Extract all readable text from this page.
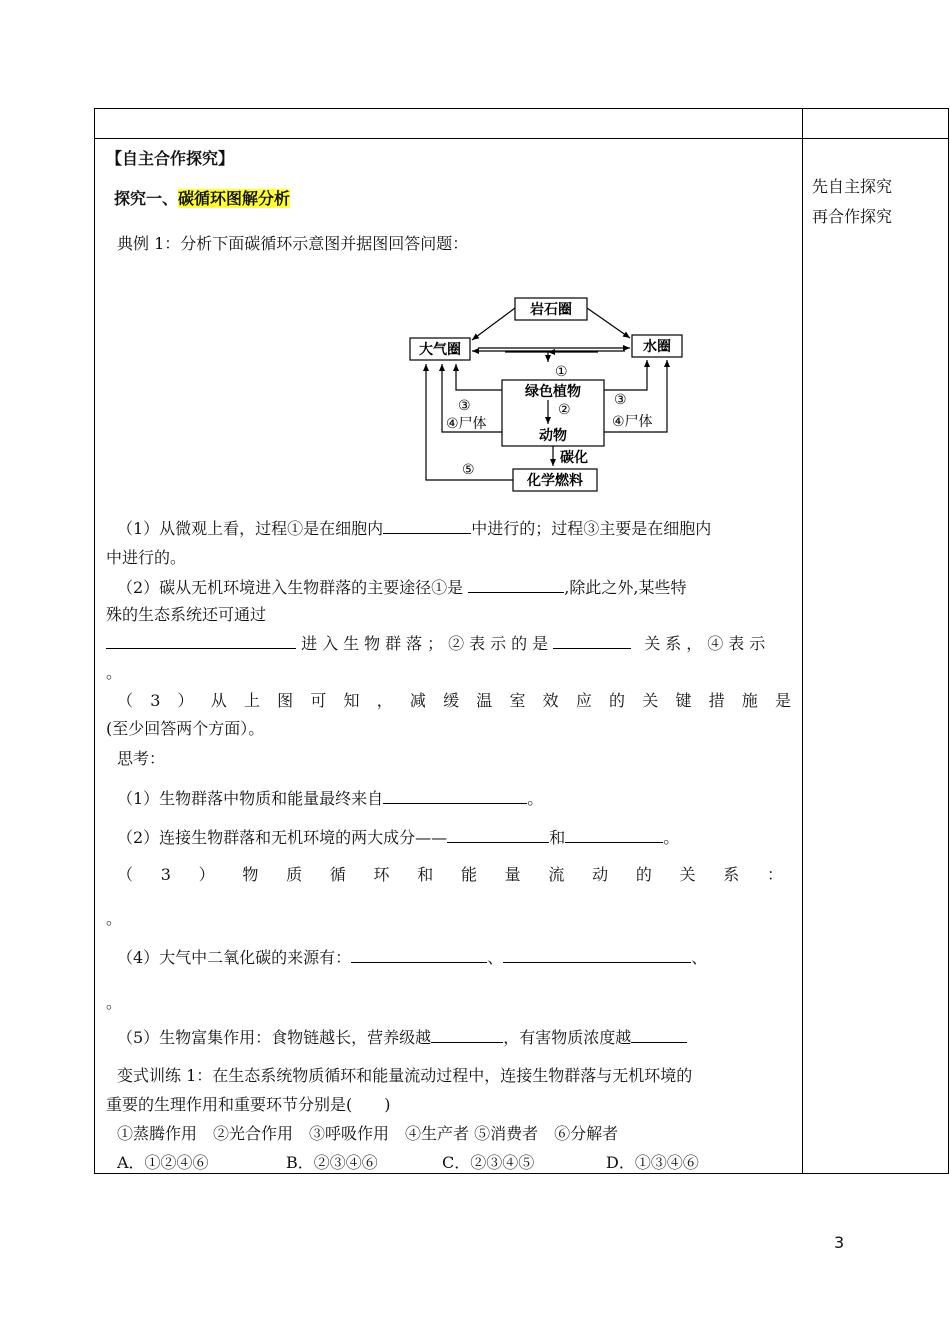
【自主合作探究】
探究一、碳循环图解分析
典例 1：分析下面碳循环示意图并据图回答问题：
先自主探究
再合作探究
岩石圈
大气圈	水圈
绿色植物
动物
化学燃料
碳化
①
②
③
④尸体
③
④尸体
⑤
（1）从微观上看，过程①是在细胞内	中进行的；过程③主要是在细胞内
中进行的。
（2）碳从无机环境进入生物群落的主要途径①是	,除此之外,某些特
殊的生态系统还可通过
进入生物群落；②表示的是	关系，④表示
。
（3）从上图可知，减缓温室效应的关键措施是
(至少回答两个方面）。
思考：
（1）生物群落中物质和能量最终来自	。
（2）连接生物群落和无机环境的两大成分——	和	。
（3）物质循环和能量流动的关系：
。
（4）大气中二氧化碳的来源有：	、	、
。
（5）生物富集作用：食物链越长，营养级越	，有害物质浓度越
变式训练 1：在生态系统物质循环和能量流动过程中，连接生物群落与无机环境的
重要的生理作用和重要环节分别是(　　)
①蒸腾作用　②光合作用　③呼吸作用　④生产者 ⑤消费者　⑥分解者
A．①②④⑥	B．②③④⑥	C．②③④⑤	D．①③④⑥
3
